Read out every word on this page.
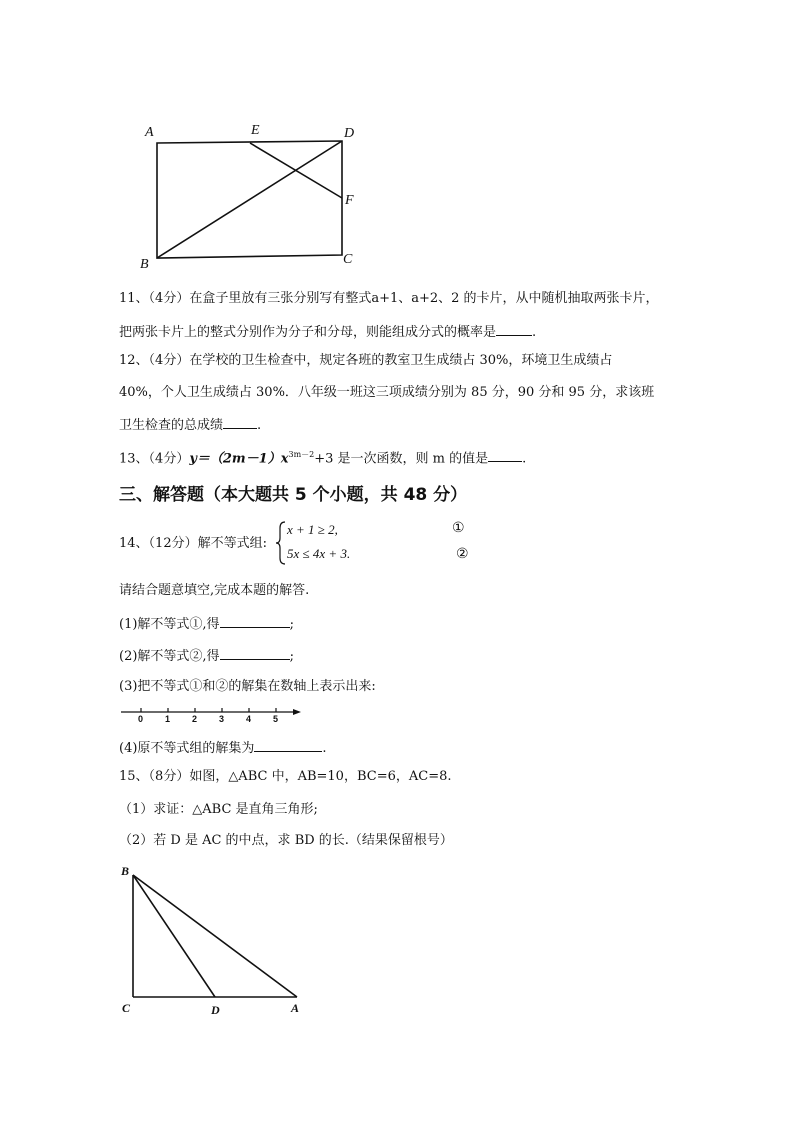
A	E	D
F
B	C
11、（4分）在盒子里放有三张分别写有整式a+1、a+2、2 的卡片，从中随机抽取两张卡片，
把两张卡片上的整式分别作为分子和分母，则能组成分式的概率是	.
12、（4分）在学校的卫生检查中，规定各班的教室卫生成绩占 30%，环境卫生成绩占
40%，个人卫生成绩占 30%．八年级一班这三项成绩分别为 85 分，90 分和 95 分，求该班
卫生检查的总成绩	.
13、（4分）$y=(2m-1)x^{3m-2}+3$ 是一次函数，则 m 的值是	.
三、解答题（本大题共 5 个小题，共 48 分）
14、（12分）解不等式组:
x + 1 ≥ 2,
5x ≤ 4x + 3.
①
②
请结合题意填空,完成本题的解答.
(1)解不等式①,得	;
(2)解不等式②,得	;
(3)把不等式①和②的解集在数轴上表示出来:
0 1 2 3 4 5
(4)原不等式组的解集为	.
15、（8分）如图，△ABC 中，AB=10，BC=6，AC=8.
（1）求证：△ABC 是直角三角形;
（2）若 D 是 AC 的中点，求 BD 的长.（结果保留根号）
B
C	D	A
